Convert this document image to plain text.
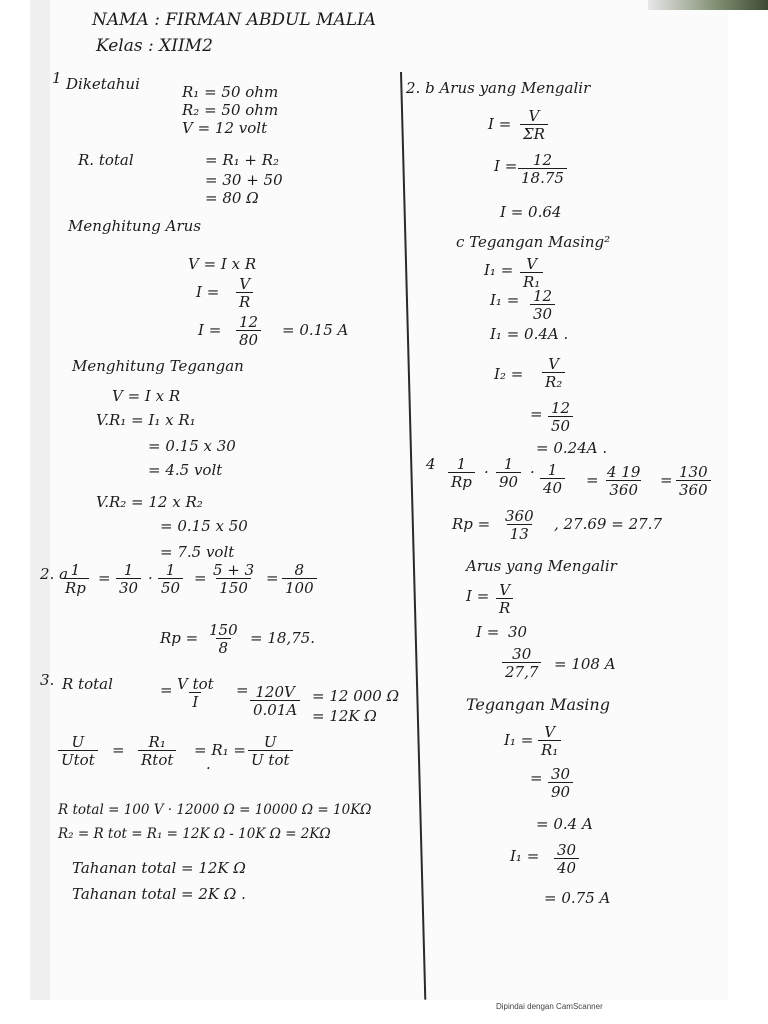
NAMA : FIRMAN ABDUL MALIA
Kelas : XIIM2
1 Diketahui	R₁ = 50 ohm
R₂ = 50 ohm
V = 12 volt
R. total	= R₁ + R₂
= 30 + 50
= 80 Ω
Menghitung Arus
V = I x R
$I = \frac{V}{R}$
$I = \frac{12}{80} = 0.15$ A
Menghitung Tegangan
V = I x R
V.R₁ = I₁ x R₁
= 0.15 x 30
= 4.5 volt
V.R₂ = 12 x R₂
= 0.15 x 50
= 7.5 volt
2. a
$\frac{1}{Rp} = \frac{1}{30} \cdot \frac{1}{50} = \frac{5 + 3}{150} = \frac{8}{100}$
$Rp = \frac{150}{8} = 18,75$.
3. R total	= V tot
I
= $\frac{120V}{0.01A} = 12$ 000 Ω
= 12K Ω
U
Utot
= R₁
Rtot
= R₁ = U
U tot
·
R total = 100 V · 12000 Ω = 10000 Ω = 10KΩ
R₂ = R tot = R₁ = 12K Ω - 10K Ω = 2KΩ
Tahanan total = 12K Ω
Tahanan total = 2K Ω .
2. b Arus yang Mengalir
$I = \frac{V}{\Sigma R}$
$I = \frac{12}{18.75}$
I = 0.64
c Tegangan Masing²
$I_1 = \frac{V}{\text{R₁}}$
$I_1 = \frac{12}{30}$
I₁ = 0.4A .
$I_2 = \frac{V}{\text{R₂}}$
= $\frac{12}{50}$
= 0.24A .
$4 \frac{1}{Rp} \cdot \frac{1}{90} \cdot \frac{1}{40} = \frac{4 19}{360} = \frac{130}{360}$
$Rp = \frac{360}{13}$ , 27.69 = 27.7
Arus yang Mengalir
$I = \frac{V}{R}$
I = 30
$\frac{30}{27,7} = 108$ A
Tegangan Masing
$I_1 = \frac{V}{\text{R₁}}$
= $\frac{30}{90}$
= 0.4 A
$I_1 = \frac{30}{40}$
= 0.75 A
Dipindai dengan CamScanner
